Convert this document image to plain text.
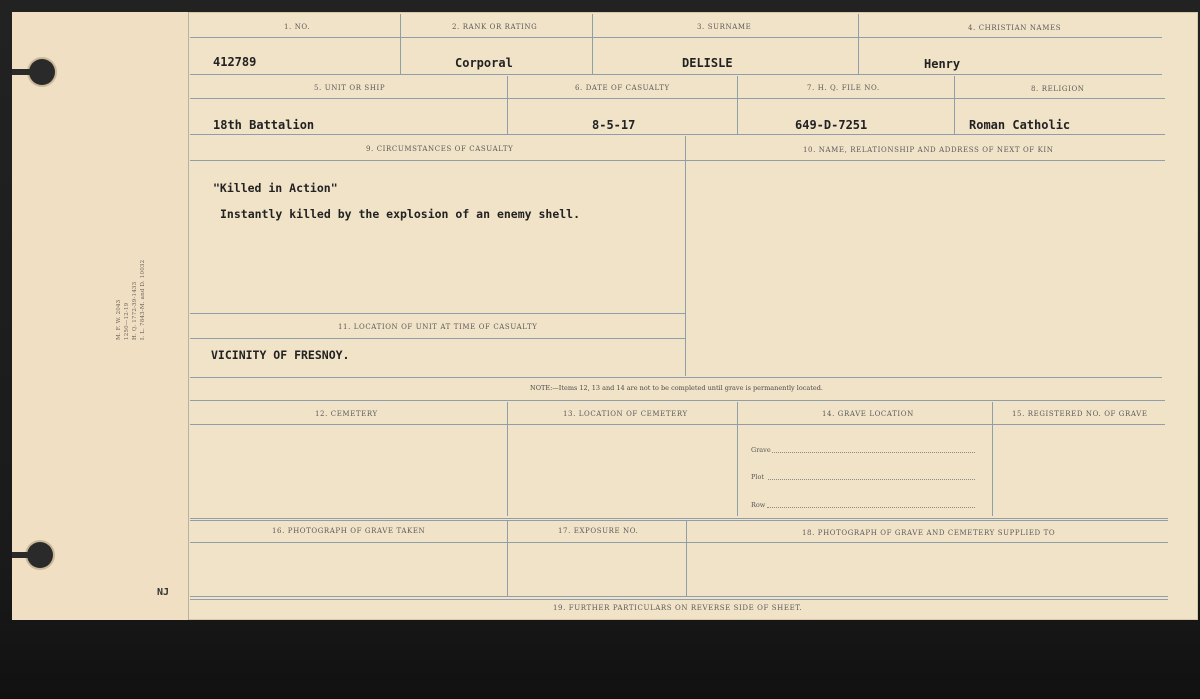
M. F. W. 2043 1250—12-19 H. Q. 1772-39-1433 I. L. 7843-M. and D. 10032
NJ
1. NO.	2. RANK OR RATING	3. SURNAME	4. CHRISTIAN NAMES
412789	Corporal	DELISLE	Henry
5. UNIT OR SHIP	6. DATE OF CASUALTY	7. H. Q. FILE NO.	8. RELIGION
18th Battalion	8-5-17	649-D-7251	Roman Catholic
9. CIRCUMSTANCES OF CASUALTY	10. NAME, RELATIONSHIP AND ADDRESS OF NEXT OF KIN
"Killed in Action"
Instantly killed by the explosion of an enemy shell.
11. LOCATION OF UNIT AT TIME OF CASUALTY
VICINITY OF FRESNOY.
NOTE:—Items 12, 13 and 14 are not to be completed until grave is permanently located.
12. CEMETERY	13. LOCATION OF CEMETERY	14. GRAVE LOCATION	15. REGISTERED NO. OF GRAVE
Grave
Plot
Row
16. PHOTOGRAPH OF GRAVE TAKEN	17. EXPOSURE NO.	18. PHOTOGRAPH OF GRAVE AND CEMETERY SUPPLIED TO
19. FURTHER PARTICULARS ON REVERSE SIDE OF SHEET.
